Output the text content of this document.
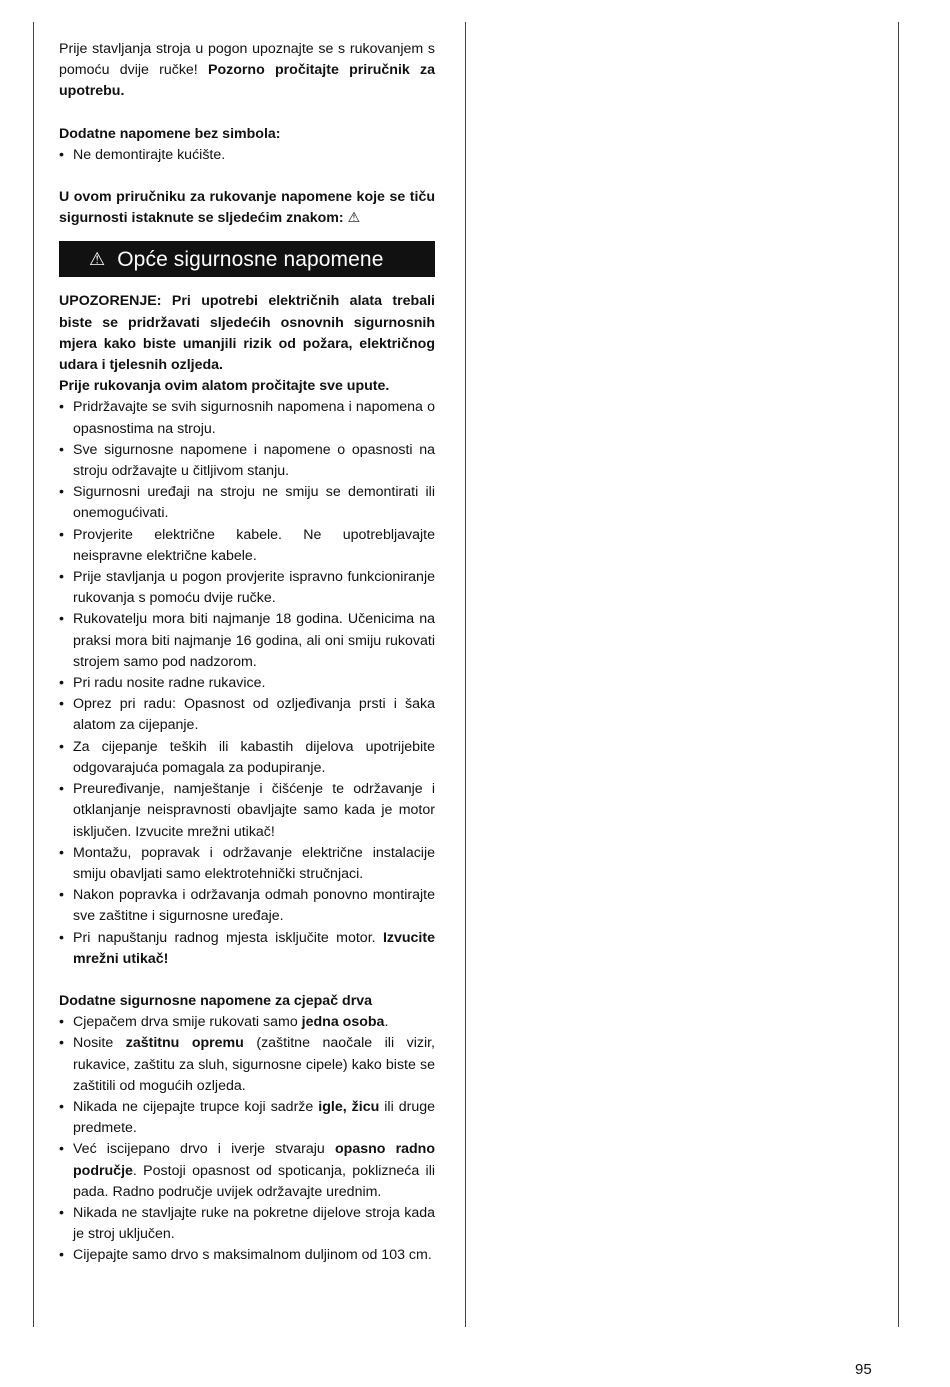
Prije stavljanja stroja u pogon upoznajte se s rukovanjem s pomoću dvije ručke! Pozorno pročitajte priručnik za upotrebu.

Dodatne napomene bez simbola:

• Ne demontirajte kućište.

U ovom priručniku za rukovanje napomene koje se tiču sigurnosti istaknute se sljedećim znakom: ⚠

⚠ Opće sigurnosne napomene

UPOZORENJE: Pri upotrebi električnih alata trebali biste se pridržavati sljedećih osnovnih sigurnosnih mjera kako biste umanjili rizik od požara, električnog udara i tjelesnih ozljeda.

Prije rukovanja ovim alatom pročitajte sve upute.

• Pridržavajte se svih sigurnosnih napomena i napomena o opasnostima na stroju.
• Sve sigurnosne napomene i napomene o opasnosti na stroju održavajte u čitljivom stanju.
• Sigurnosni uređaji na stroju ne smiju se demontirati ili onemogućivati.
• Provjerite električne kabele. Ne upotrebljavajte neispravne električne kabele.
• Prije stavljanja u pogon provjerite ispravno funkcioniranje rukovanja s pomoću dvije ručke.
• Rukovatelju mora biti najmanje 18 godina. Učenicima na praksi mora biti najmanje 16 godina, ali oni smiju rukovati strojem samo pod nadzorom.
• Pri radu nosite radne rukavice.
• Oprez pri radu: Opasnost od ozljeđivanja prsti i šaka alatom za cijepanje.
• Za cijepanje teških ili kabastih dijelova upotrijebite odgovarajuća pomagala za podupiranje.
• Preuređivanje, namještanje i čišćenje te održavanje i otklanjanje neispravnosti obavljajte samo kada je motor isključen. Izvucite mrežni utikač!
• Montažu, popravak i održavanje električne instalacije smiju obavljati samo elektrotehnički stručnjaci.
• Nakon popravka i održavanja odmah ponovno montirajte sve zaštitne i sigurnosne uređaje.
• Pri napuštanju radnog mjesta isključite motor. Izvucite mrežni utikač!

Dodatne sigurnosne napomene za cjepač drva

• Cjepačem drva smije rukovati samo jedna osoba.
• Nosite zaštitnu opremu (zaštitne naočale ili vizir, rukavice, zaštitu za sluh, sigurnosne cipele) kako biste se zaštitili od mogućih ozljeda.
• Nikada ne cijepajte trupce koji sadrže igle, žicu ili druge predmete.
• Već iscijepano drvo i iverje stvaraju opasno radno područje. Postoji opasnost od spoticanja, poklizneća ili pada. Radno područje uvijek održavajte urednim.
• Nikada ne stavljajte ruke na pokretne dijelove stroja kada je stroj uključen.
• Cijepajte samo drvo s maksimalnom duljinom od 103 cm.
95
